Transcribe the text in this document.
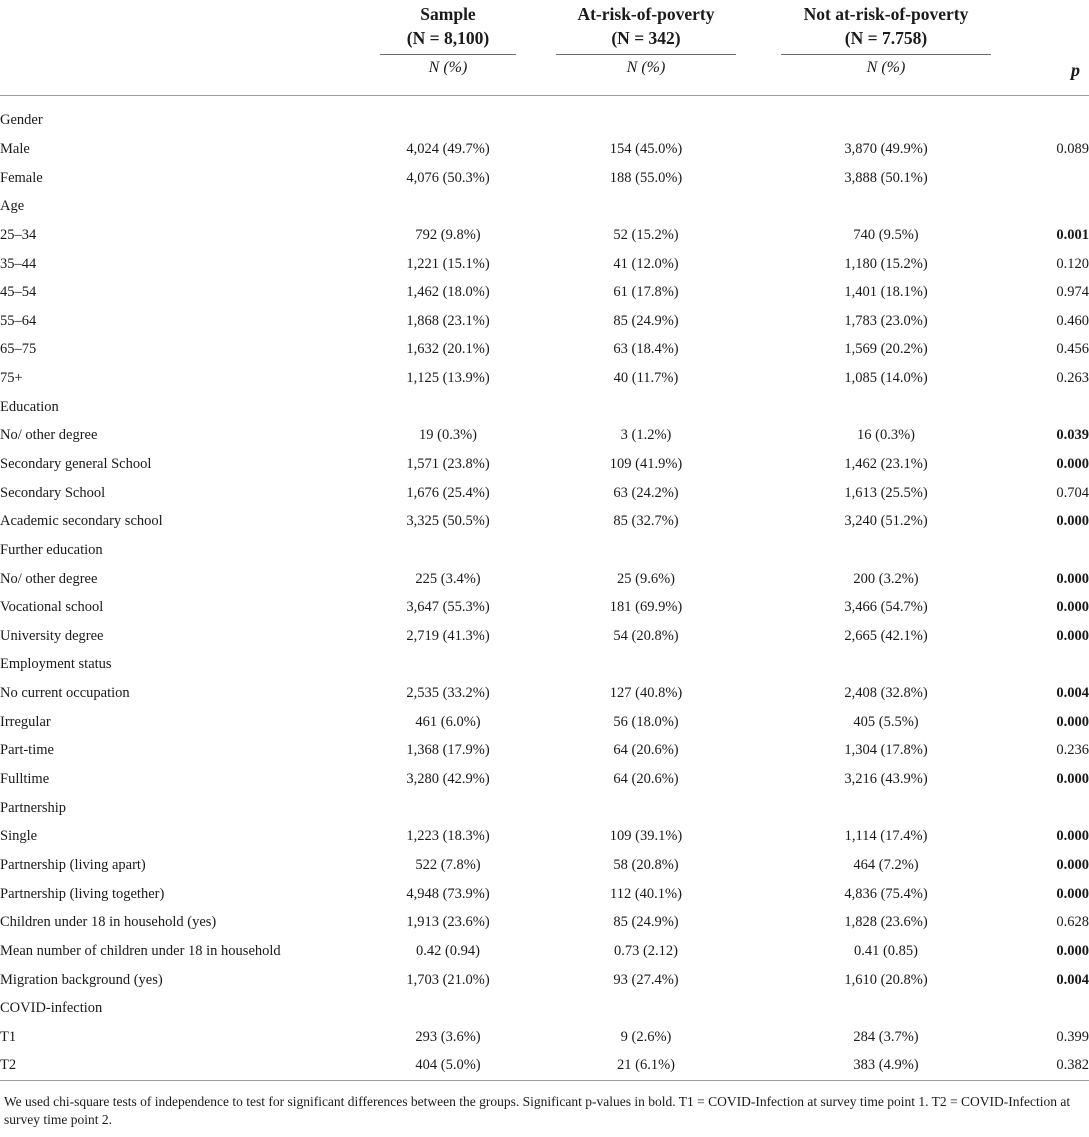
Sample
(N = 8,100)
At-risk-of-poverty
(N = 342)
Not at-risk-of-poverty
(N = 7.758)
N (%)	N (%)	N (%)	p
Gender						
Male	4,024 (49.7%)		154 (45.0%)		3,870 (49.9%)	0.089
Female	4,076 (50.3%)		188 (55.0%)		3,888 (50.1%)	
Age						
25–34	792 (9.8%)		52 (15.2%)		740 (9.5%)	0.001
35–44	1,221 (15.1%)		41 (12.0%)		1,180 (15.2%)	0.120
45–54	1,462 (18.0%)		61 (17.8%)		1,401 (18.1%)	0.974
55–64	1,868 (23.1%)		85 (24.9%)		1,783 (23.0%)	0.460
65–75	1,632 (20.1%)		63 (18.4%)		1,569 (20.2%)	0.456
75+	1,125 (13.9%)		40 (11.7%)		1,085 (14.0%)	0.263
Education						
No/ other degree	19 (0.3%)		3 (1.2%)		16 (0.3%)	0.039
Secondary general School	1,571 (23.8%)		109 (41.9%)		1,462 (23.1%)	0.000
Secondary School	1,676 (25.4%)		63 (24.2%)		1,613 (25.5%)	0.704
Academic secondary school	3,325 (50.5%)		85 (32.7%)		3,240 (51.2%)	0.000
Further education						
No/ other degree	225 (3.4%)		25 (9.6%)		200 (3.2%)	0.000
Vocational school	3,647 (55.3%)		181 (69.9%)		3,466 (54.7%)	0.000
University degree	2,719 (41.3%)		54 (20.8%)		2,665 (42.1%)	0.000
Employment status						
No current occupation	2,535 (33.2%)		127 (40.8%)		2,408 (32.8%)	0.004
Irregular	461 (6.0%)		56 (18.0%)		405 (5.5%)	0.000
Part-time	1,368 (17.9%)		64 (20.6%)		1,304 (17.8%)	0.236
Fulltime	3,280 (42.9%)		64 (20.6%)		3,216 (43.9%)	0.000
Partnership						
Single	1,223 (18.3%)		109 (39.1%)		1,114 (17.4%)	0.000
Partnership (living apart)	522 (7.8%)		58 (20.8%)		464 (7.2%)	0.000
Partnership (living together)	4,948 (73.9%)		112 (40.1%)		4,836 (75.4%)	0.000
Children under 18 in household (yes)	1,913 (23.6%)		85 (24.9%)		1,828 (23.6%)	0.628
Mean number of children under 18 in household	0.42 (0.94)		0.73 (2.12)		0.41 (0.85)	0.000
Migration background (yes)	1,703 (21.0%)		93 (27.4%)		1,610 (20.8%)	0.004
COVID-infection						
T1	293 (3.6%)		9 (2.6%)		284 (3.7%)	0.399
T2	404 (5.0%)		21 (6.1%)		383 (4.9%)	0.382
We used chi-square tests of independence to test for significant differences between the groups. Significant p-values in bold. T1 = COVID-Infection at survey time point 1. T2 = COVID-Infection at survey time point 2.
